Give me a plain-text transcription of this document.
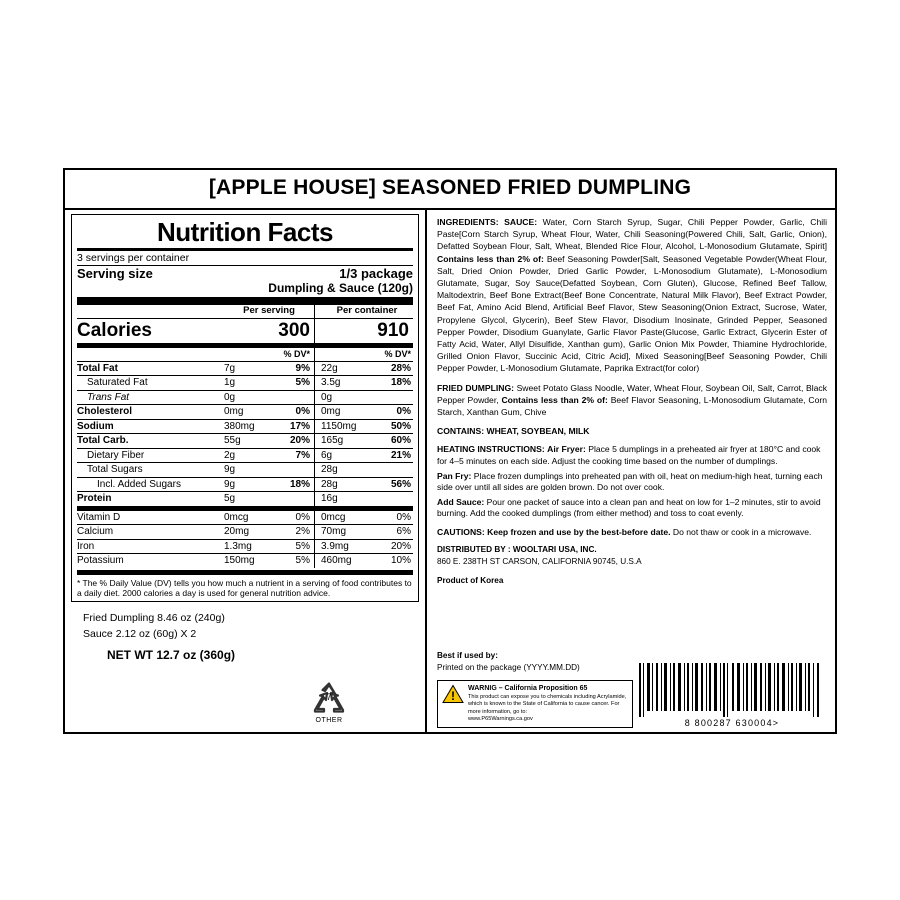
[APPLE HOUSE] SEASONED FRIED DUMPLING
Nutrition Facts
3 servings per container
Serving size	1/3 package
Dumpling & Sauce (120g)
	Per serving		Per container	
Calories	300		910	
		% DV*		% DV*
Total Fat	7g	9%	22g	28%
Saturated Fat	1g	5%	3.5g	18%
Trans Fat	0g		0g	
Cholesterol	0mg	0%	0mg	0%
Sodium	380mg	17%	1150mg	50%
Total Carb.	55g	20%	165g	60%
Dietary Fiber	2g	7%	6g	21%
Total Sugars	9g		28g	
Incl. Added Sugars	9g	18%	28g	56%
Protein	5g		16g	
Vitamin D	0mcg	0%	0mcg	0%
Calcium	20mg	2%	70mg	6%
Iron	1.3mg	5%	3.9mg	20%
Potassium	150mg	5%	460mg	10%
* The % Daily Value (DV) tells you how much a nutrient in a serving of food contributes to a daily diet. 2000 calories a day is used for general nutrition advice.
Fried Dumpling 8.46 oz (240g)
Sauce 2.12 oz (60g) X 2
NET WT 12.7 oz (360g)
7
OTHER
INGREDIENTS: SAUCE: Water, Corn Starch Syrup, Sugar, Chili Pepper Powder, Garlic, Chili Paste[Corn Starch Syrup, Wheat Flour, Water, Chili Seasoning(Powered Chili, Salt, Garlic, Onion), Defatted Soybean Flour, Salt, Wheat, Blended Rice Flour, Alcohol, L-Monosodium Glutamate, Spirit] Contains less than 2% of: Beef Seasoning Powder[Salt, Seasoned Vegetable Powder(Wheat Flour, Salt, Dried Onion Powder, Dried Garlic Powder, L-Monosodium Glutamate), L-Monosodium Glutamate, Sugar, Soy Sauce(Defatted Soybean, Corn Gluten), Glucose, Refined Beef Tallow, Maltodextrin, Beef Bone Extract(Beef Bone Concentrate, Natural Milk Flavor), Beef Extract Powder, Beef Fat, Amino Acid Blend, Artificial Beef Flavor, Stew Seasoning(Onion Extract, Sucrose, Water, Propylene Glycol, Glycerin), Beef Stew Flavor, Disodium Inosinate, Grinded Pepper, Seasoned Pepper Powder, Disodium Guanylate, Garlic Flavor Paste(Glucose, Garlic Extract, Glycerin Ester of Fatty Acid, Water, Allyl Disulfide, Xanthan gum), Garlic Onion Mix Powder, Thiamine Hydrochloride, Grilled Onion Flavor, Succinic Acid, Citric Acid], Mixed Seasoning[Beef Seasoning Powder, Chili Pepper Powder, L-Monosodium Glutamate, Paprika Extract(for color)
FRIED DUMPLING: Sweet Potato Glass Noodle, Water, Wheat Flour, Soybean Oil, Salt, Carrot, Black Pepper Powder, Contains less than 2% of: Beef Flavor Seasoning, L-Monosodium Glutamate, Corn Starch, Xanthan Gum, Chive
CONTAINS: WHEAT, SOYBEAN, MILK
HEATING INSTRUCTIONS: Air Fryer: Place 5 dumplings in a preheated air fryer at 180°C and cook for 4–5 minutes on each side. Adjust the cooking time based on the number of dumplings.
Pan Fry: Place frozen dumplings into preheated pan with oil, heat on medium-high heat, turning each side over until all sides are golden brown. Do not over cook.
Add Sauce: Pour one packet of sauce into a clean pan and heat on low for 1–2 minutes, stir to avoid burning. Add the cooked dumplings (from either method) and toss to coat evenly.
CAUTIONS: Keep frozen and use by the best-before date. Do not thaw or cook in a microwave.
DISTRIBUTED BY : WOOLTARI USA, INC.
860 E. 238TH ST CARSON, CALIFORNIA 90745, U.S.A
Product of Korea
Best if used by:
Printed on the package (YYYY.MM.DD)
!
WARNIG – California Proposition 65
This product can expose you to chemicals including Acrylamide, which is known to the State of California to cause cancer. For more information, go to:
www.P65Warnings.ca.gov	8 800287 630004>
